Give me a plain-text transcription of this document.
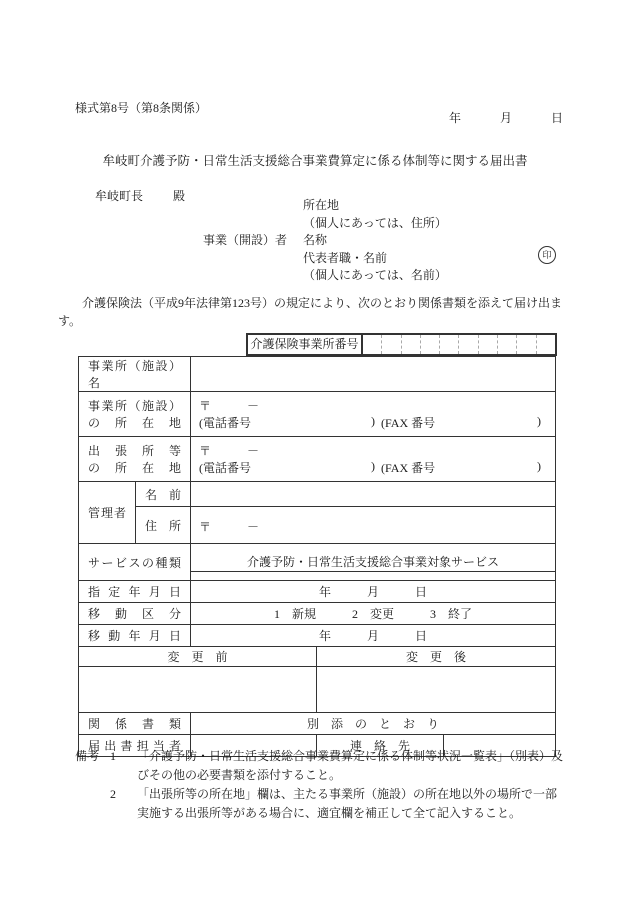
様式第8号（第8条関係）
年	月	日
牟岐町介護予防・日常生活支援総合事業費算定に係る体制等に関する届出書
牟岐町長	殿
所在地
（個人にあっては、住所）
事業（開設）者	名称
代表者職・名前
（個人にあっては、名前）
印
介護保険法（平成9年法律第123号）の規定により、次のとおり関係書類を添えて届け出ます。
介護保険事業所番号
事業所（施設）名				

事業所（施設）
の所在地

〒　　　－
(電話番号	) (FAX 番号	)

出張所等
の所在地

〒　　　－
(電話番号	) (FAX 番号	)

管理者	名前			

	住所	〒　　　－		

サービスの種類		介護予防・日常生活支援総合事業対象サービス		

指定年月日		年　　　月　　　日		

移動区分		1　新規　　　2　変更　　　3　終了		

移動年月日		年　　　月　　　日		
変　更　前			変　更　後	

関係書類		別　添　の　と　お　り		

届出書担当者			連　絡　先	
備考 1	「介護予防・日常生活支援総合事業費算定に係る体制等状況一覧表」（別表）及びその他の必要書類を添付すること。
2	「出張所等の所在地」欄は、主たる事業所（施設）の所在地以外の場所で一部実施する出張所等がある場合に、適宜欄を補正して全て記入すること。
